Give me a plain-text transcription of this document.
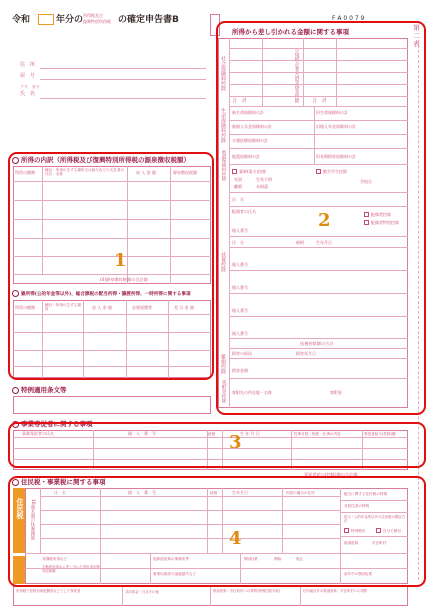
令和	年分の 所得税及び
復興特別所得税 の確定申告書B	F A 0 0 7 9
第二表
住　所
屋　号
フリ　ガナ
氏　名
所得の内訳（所得税及び復興特別所得税の源泉徴収税額）
所得の種類	種目・所得の生ずる場所又は給与などの支払者の氏名・名称	収 入 金 額	源泉徴収税額
(4)源泉徴収税額の合計額
雑所得(公的年金等以外)、総合課税の配当所得・譲渡所得、一時所得に関する事項
所得の種類	種目・所得の生ずる場所	収 入 金 額	必要経費等	差 引 金 額
特例適用条文等
社会保険料控除	小規模企業共済等掛金控除
合　計	合　計
生命保険料控除 新生命保険料の計	旧生命保険料の計
新個人年金保険料の計	旧個人年金保険料の計
介護医療保険料の計
地震保険料控除 地震保険料の計	旧長期損害保険料の計
寡婦(寡夫)控除	勤労学生控除
死別	生死不明
離婚	未帰還
学校名
氏　名
配偶者の氏名
配偶者控除
配偶者特別控除
個人番号
扶養控除
氏　名	続柄	生年月日
個人番号
個人番号
個人番号
個人番号
扶養控除額の合計
雑損控除
損害の原因	損害年月日
損害金額
寄附金控除 寄附先の所在地・名称	寄附金
所得から差し引かれる金額に関する事項
事業専従者に関する事項
事業専従者の氏名	個　人　番　号	続柄	生 年 月 日	従事月数・程度・仕事の内容	専従者給与(控除)額
専従者給与(控除)額の合計額
住民税・事業税に関する事項
住民税
氏　名	個　人　番　号	続柄	生年月日	別居の場合の住所
16歳未満の扶養親族
配当に関する住民税の特例
非居住者の特例
給与・公的年金等以外の住民税の徴収方法
特別徴収	自分で納付
都道府県	市区町村
非課税所得など
不動産所得から差し引いた青色申告特別控除額
他都道府県の事務所等
事業用資産の譲渡損失など
開(廃)業	開始	廃止
前年中の開(廃)業
所得税で控除対象配偶者などとした専従者	共同募金・日赤その他	都道府県・市区町村への寄附(特例控除対象)	住所地以外の都道府県・市区町村への寄附
1
2
3
4
